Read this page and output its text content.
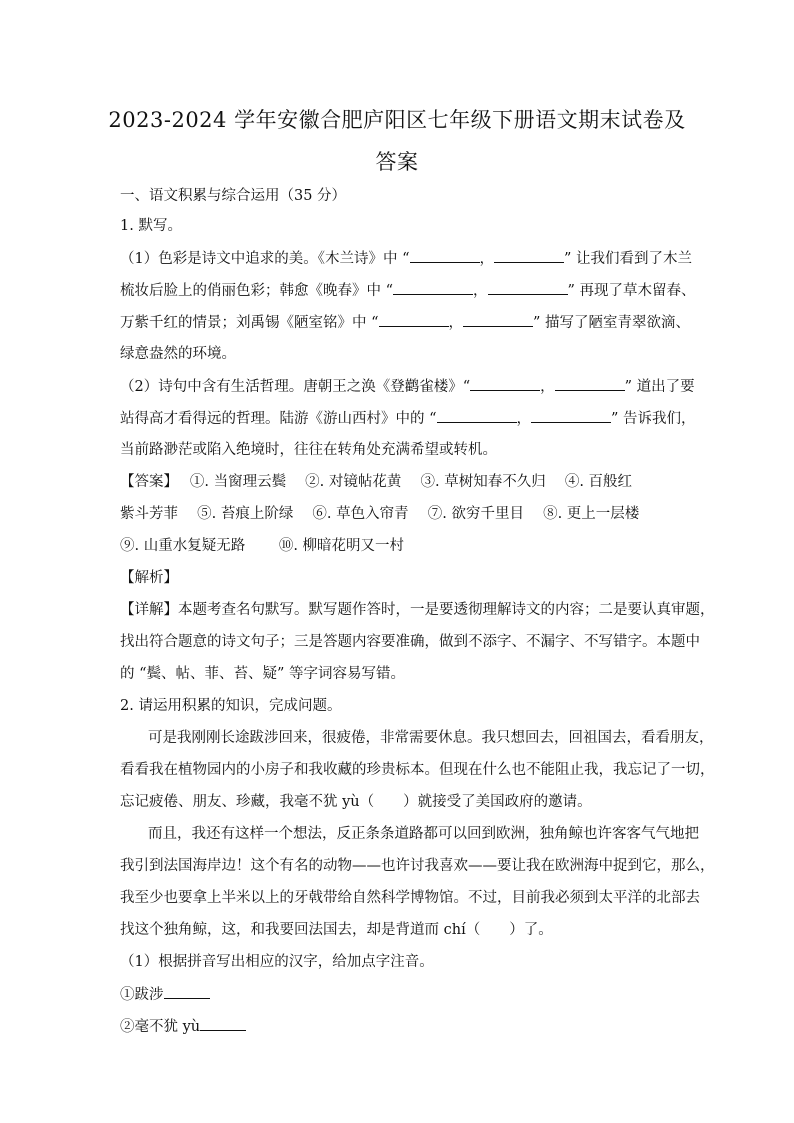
2023-2024 学年安徽合肥庐阳区七年级下册语文期末试卷及
答案
一、语文积累与综合运用（35 分）
1. 默写。
（1）色彩是诗文中追求的美。《木兰诗》中 “	，	” 让我们看到了木兰
梳妆后脸上的俏丽色彩；韩愈《晚春》中 “	，	” 再现了草木留春、
万紫千红的情景；刘禹锡《陋室铭》中 “	，	” 描写了陋室青翠欲滴、
绿意盎然的环境。
（2）诗句中含有生活哲理。唐朝王之涣《登鹳雀楼》“	，	” 道出了要
站得高才看得远的哲理。陆游《游山西村》中的 “	，	” 告诉我们，
当前路渺茫或陷入绝境时，往往在转角处充满希望或转机。
【答案】　 ①. 当窗理云鬓　 ②. 对镜帖花黄　 ③. 草树知春不久归　 ④. 百般红
紫斗芳菲　 ⑤. 苔痕上阶绿　 ⑥. 草色入帘青　 ⑦. 欲穷千里目　 ⑧. 更上一层楼
⑨. 山重水复疑无路　　 ⑩. 柳暗花明又一村
【解析】
【详解】本题考查名句默写。默写题作答时，一是要透彻理解诗文的内容；二是要认真审题，
找出符合题意的诗文句子；三是答题内容要准确，做到不添字、不漏字、不写错字。本题中
的 “鬓、帖、菲、苔、疑” 等字词容易写错。
2. 请运用积累的知识，完成问题。
可是我刚刚长途跋涉回来，很疲倦，非常需要休息。我只想回去，回祖国去，看看朋友，
看看我在植物园内的小房子和我收藏的珍贵标本。但现在什么也不能阻止我，我忘记了一切，
忘记疲倦、朋友、珍藏，我毫不犹 yù（　　）就接受了美国政府的邀请。
而且，我还有这样一个想法，反正条条道路都可以回到欧洲，独角鲸也许客客气气地把
我引到法国海岸边！这个有名的动物——也许讨我喜欢——要让我在欧洲海中捉到它，那么，
我至少也要拿上半米以上的牙戟带给自然科学博物馆。不过，目前我必须到太平洋的北部去
找这个独角鲸，这，和我要回法国去，却是背道而 chí（　　）了。
（1）根据拼音写出相应的汉字，给加点字注音。
①跋涉
②毫不犹 yù
